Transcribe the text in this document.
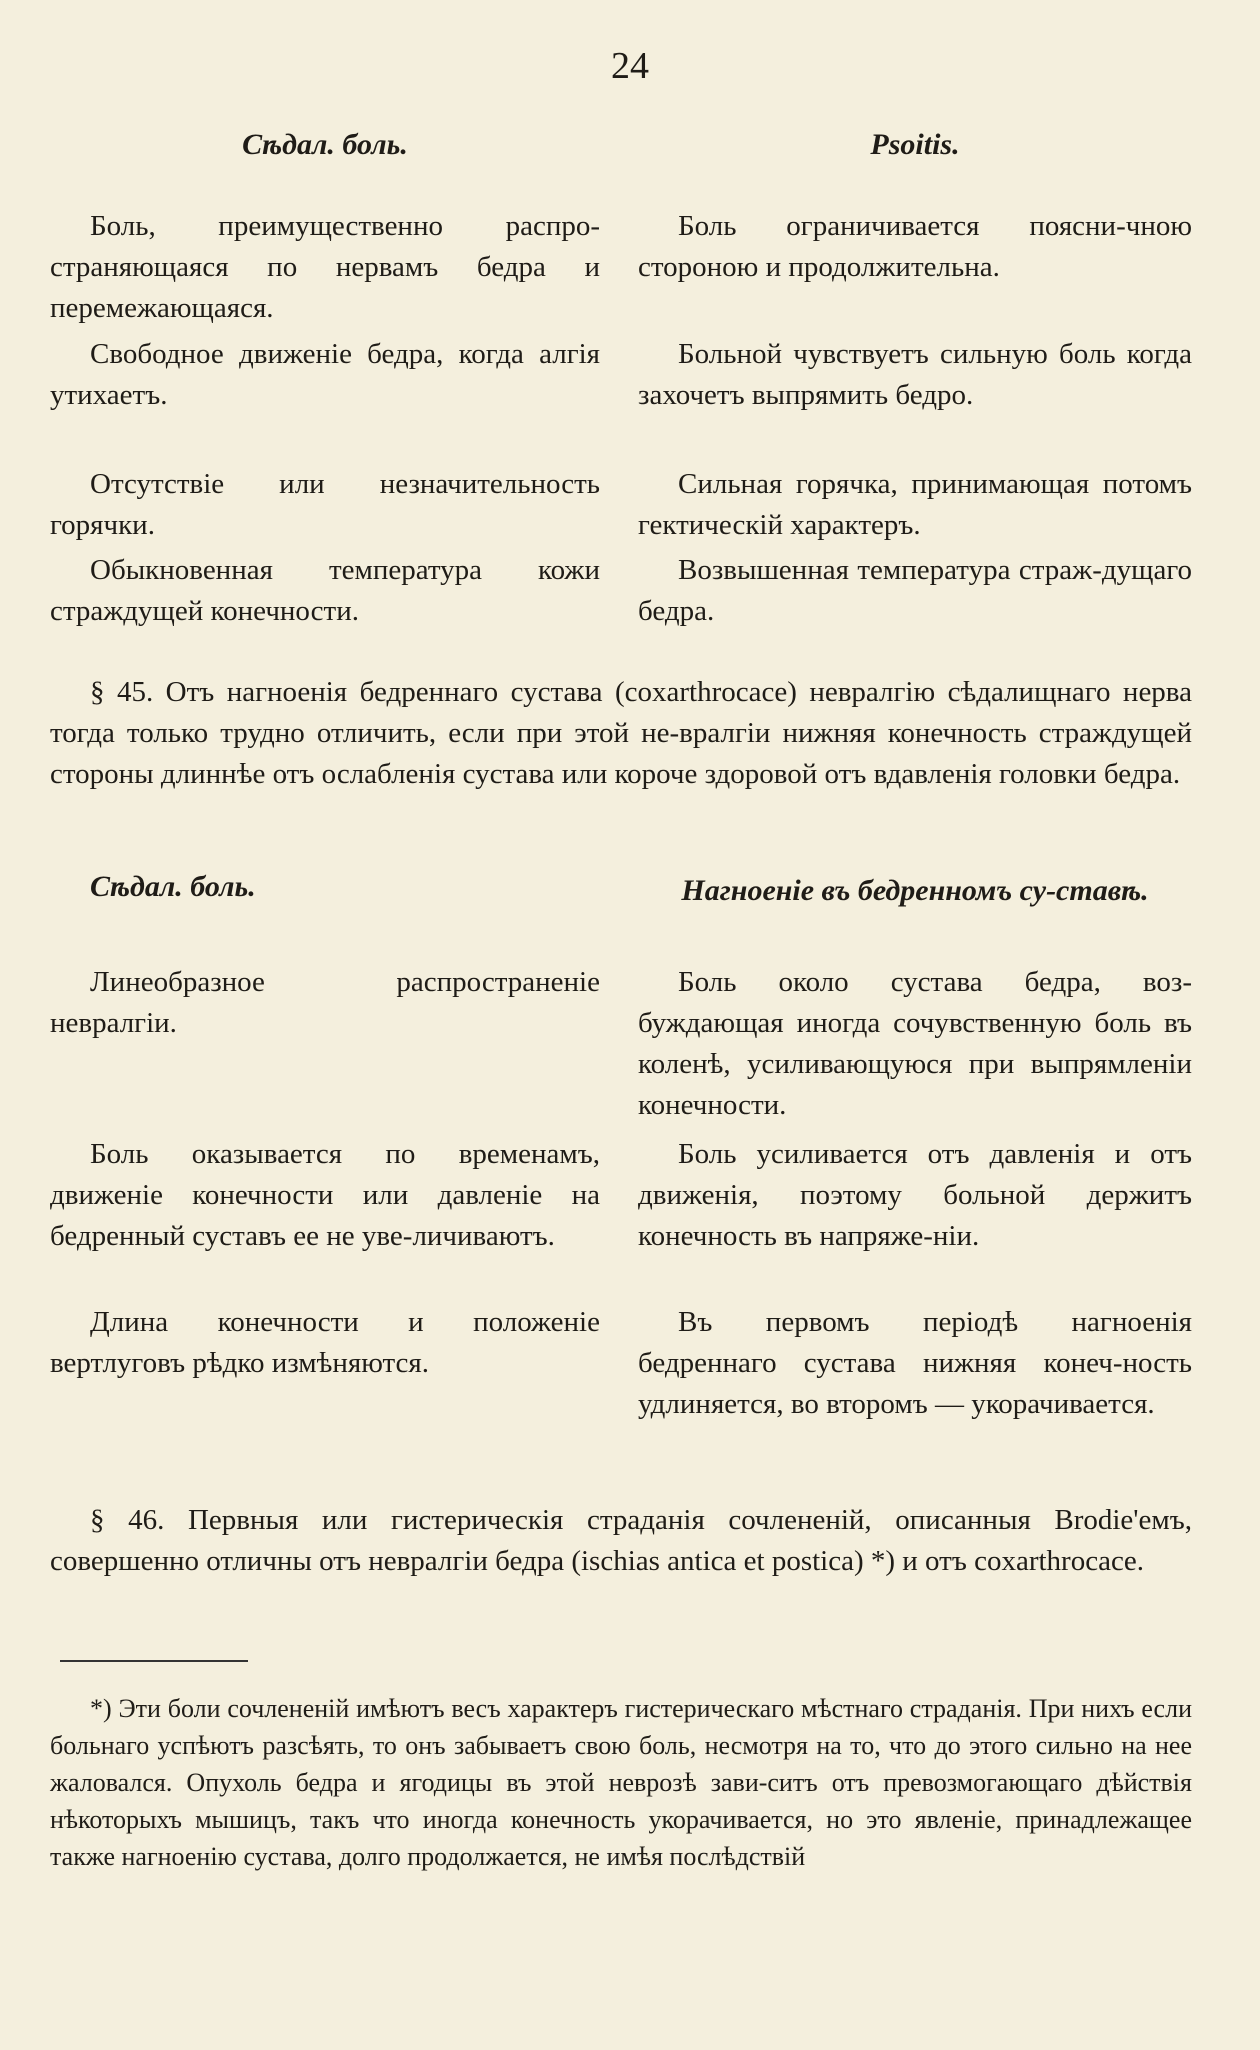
24
Сѣдал. боль.	Psoitis.

Боль, преимущественно распро-страняющаяся по нервамъ бедра и перемежающаяся.

Боль ограничивается поясни-чною стороною и продолжительна.

Свободное движеніе бедра, когда алгія утихаетъ.

Больной чувствуетъ сильную боль когда захочетъ выпрямить бедро.

Отсутствіе или незначительность горячки.

Сильная горячка, принимающая потомъ гектическій характеръ.

Обыкновенная температура кожи страждущей конечности.

Возвышенная температура страж-дущаго бедра.

§ 45. Отъ нагноенія бедреннаго сустава (coxarthrocace) невралгію сѣдалищнаго нерва тогда только трудно отличить, если при этой не-вралгіи нижняя конечность страждущей стороны длиннѣе отъ ослабленія сустава или короче здоровой отъ вдавленія головки бедра.

Сѣдал. боль.	Нагноеніе въ бедренномъ су-ставѣ.

Линеобразное распространеніе невралгіи.

Боль около сустава бедра, воз-буждающая иногда сочувственную боль въ коленѣ, усиливающуюся при выпрямленіи конечности.

Боль оказывается по временамъ, движеніе конечности или давленіе на бедренный суставъ ее не уве-личиваютъ.

Боль усиливается отъ давленія и отъ движенія, поэтому больной держитъ конечность въ напряже-ніи.

Длина конечности и положеніе вертлуговъ рѣдко измѣняются.

Въ первомъ періодѣ нагноенія бедреннаго сустава нижняя конеч-ность удлиняется, во второмъ — укорачивается.

§ 46. Первныя или гистерическія страданія сочлененій, описанныя Brodie'емъ, совершенно отличны отъ невралгіи бедра (ischias antica et postica) *) и отъ coxarthrocace.

*) Эти боли сочлененій имѣютъ весъ характеръ гистерическаго мѣстнаго страданія. При нихъ если больнаго успѣютъ разсѣять, то онъ забываетъ свою боль, несмотря на то, что до этого сильно на нее жаловался. Опухоль бедра и ягодицы въ этой неврозѣ зави-ситъ отъ превозмогающаго дѣйствія нѣкоторыхъ мышицъ, такъ что иногда конечность укорачивается, но это явленіе, принадлежащее также нагноенію сустава, долго продолжается, не имѣя послѣдствій
